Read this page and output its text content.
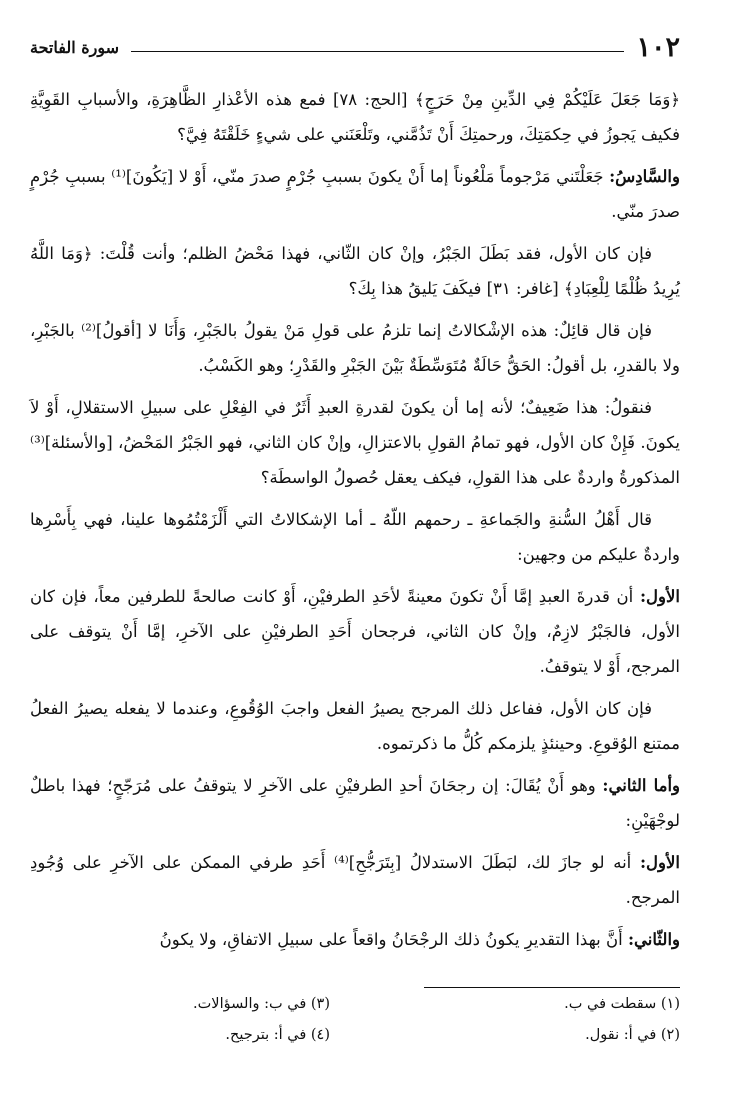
١٠٢
سورة الفاتحة

﴿وَمَا جَعَلَ عَلَيْكُمْ فِي الدِّينِ مِنْ حَرَجٍ﴾ [الحج: ٧٨] فمع هذه الأعْذارِ الظَّاهِرَةِ، والأسبابِ القَوِيَّةِ فكيف يَجوزُ في حِكمَتِكَ، ورحمتِكَ أَنْ تَذُمَّني، وتَلْعَنَني على شيءٍ خَلَقْتَهُ فِيَّ؟

والسَّادِسُ: جَعَلْتَني مَرْجوماً مَلْعُوناً إما أَنْ يكونَ بسببِ جُرْمٍ صدرَ منّي، أَوْ لا [يَكُونَ]⁽¹⁾ بسببِ جُرْمٍ صدرَ منّي.

فإن كان الأول، فقد بَطَلَ الجَبْرُ، وإنْ كان الثّاني، فهذا مَحْضُ الظلم؛ وأنت قُلْتَ: ﴿وَمَا اللَّهُ يُرِيدُ ظُلْمًا لِلْعِبَادِ﴾ [غافر: ٣١] فيكَفَ يَليقُ هذا بِكَ؟

فإن قال قائِلٌ: هذه الإشْكالاتُ إنما تلزمُ على قولِ مَنْ يقولُ بالجَبْرِ، وَأَنَا لا [أقولُ]⁽²⁾ بالجَبْرِ، ولا بالقدرِ، بل أقولُ: الحَقُّ حَالَةٌ مُتَوَسِّطَةٌ بَيْنَ الجَبْرِ والقَدْرِ؛ وهو الكَسْبُ.

فنقولُ: هذا ضَعِيفٌ؛ لأنه إما أن يكونَ لقدرةِ العبدِ أَثَرٌ في الفِعْلِ على سبيلِ الاستقلالِ، أَوْ لاَ يكونَ. فَإِنْ كان الأول، فهو تمامُ القولِ بالاعتزالِ، وإنْ كان الثاني، فهو الجَبْرُ المَحْضُ، [والأسئلة]⁽³⁾ المذكورةُ واردةٌ على هذا القولِ، فيكف يعقل حُصولُ الواسطَة؟

قال أَهْلُ السُّنةِ والجَماعةِ ـ رحمهم اللّهُ ـ أما الإشكالاتُ التي أَلْزَمْتُمُوها علينا، فهي بِأَسْرِها واردةٌ عليكم من وجهين:

الأول: أن قدرةَ العبدِ إمَّا أَنْ تكونَ معينةً لأحَدِ الطرفيْنِ، أَوْ كانت صالحةً للطرفين معاً، فإن كان الأول، فالجَبْرُ لازِمٌ، وإنْ كان الثاني، فرجحان أَحَدِ الطرفيْنِ على الآخرِ، إمَّا أَنْ يتوقف على المرجح، أَوْ لا يتوقفُ.

فإن كان الأول، ففاعل ذلك المرجح يصيرُ الفعل واجبَ الوُقُوعِ، وعندما لا يفعله يصيرُ الفعلُ ممتنع الوُقوعِ. وحينئذٍ يلزمكم كُلُّ ما ذكرتموه.

وأما الثاني: وهو أَنْ يُقَالَ: إن رجحَانَ أحدِ الطرفيْنِ على الآخرِ لا يتوقفُ على مُرَجّحٍ؛ فهذا باطلٌ لوجْهَيْنِ:

الأول: أنه لو جازَ لك، لبَطَلَ الاستدلالُ [بِتَرَجُّحِ]⁽⁴⁾ أَحَدِ طرفي الممكن على الآخرِ على وُجُودِ المرجح.

والثّاني: أَنَّ بهذا التقديرِ يكونُ ذلك الرجْحَانُ واقعاً على سبيلِ الاتفاقِ، ولا يكونُ

(١) سقطت في ب.
(٣) في ب: والسؤالات.
(٢) في أ: نقول.
(٤) في أ: بترجيح.
